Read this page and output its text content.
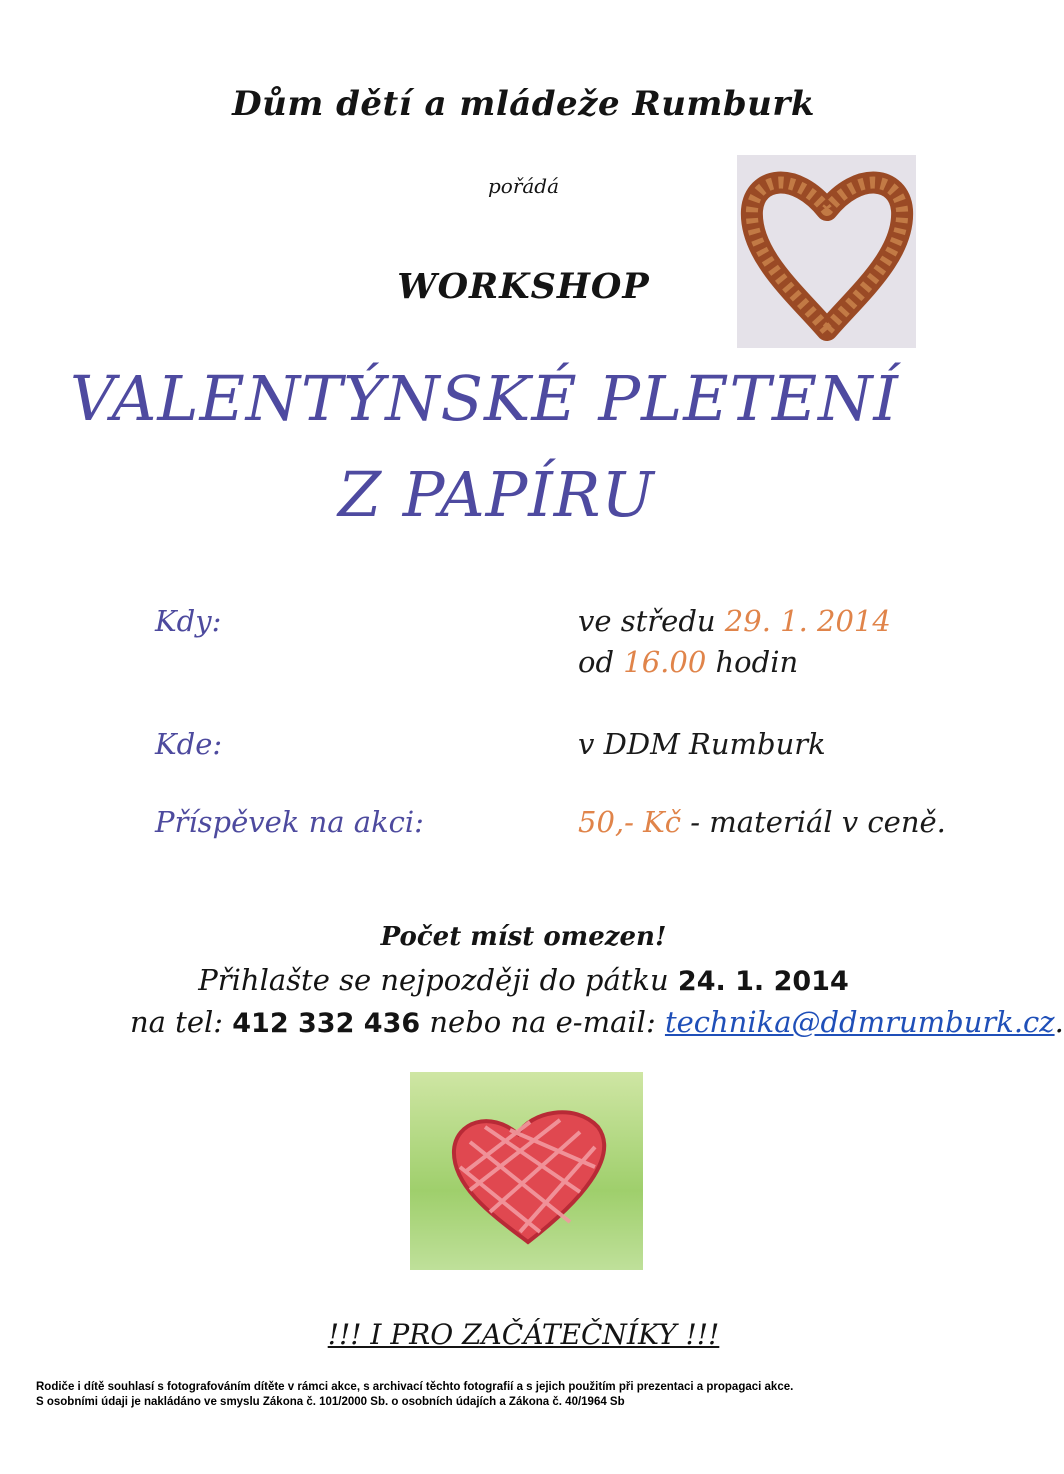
Dům dětí a mládeže Rumburk
pořádá
WORKSHOP
VALENTÝNSKÉ PLETENÍ
Z PAPÍRU
Kdy:	ve středu 29. 1. 2014
od 16.00 hodin
Kde:	v DDM Rumburk
Příspěvek na akci:	50,- Kč - materiál v ceně.
Počet míst omezen!
Přihlašte se nejpozději do pátku 24. 1. 2014
na tel: 412 332 436 nebo na e-mail: technika@ddmrumburk.cz.
!!! I PRO ZAČÁTEČNÍKY !!!
Rodiče i dítě souhlasí s fotografováním dítěte v rámci akce, s archivací těchto fotografií a s jejich použitím při prezentaci a propagaci akce.
S osobními údaji je nakládáno ve smyslu Zákona č. 101/2000 Sb. o osobních údajích a Zákona č. 40/1964 Sb
